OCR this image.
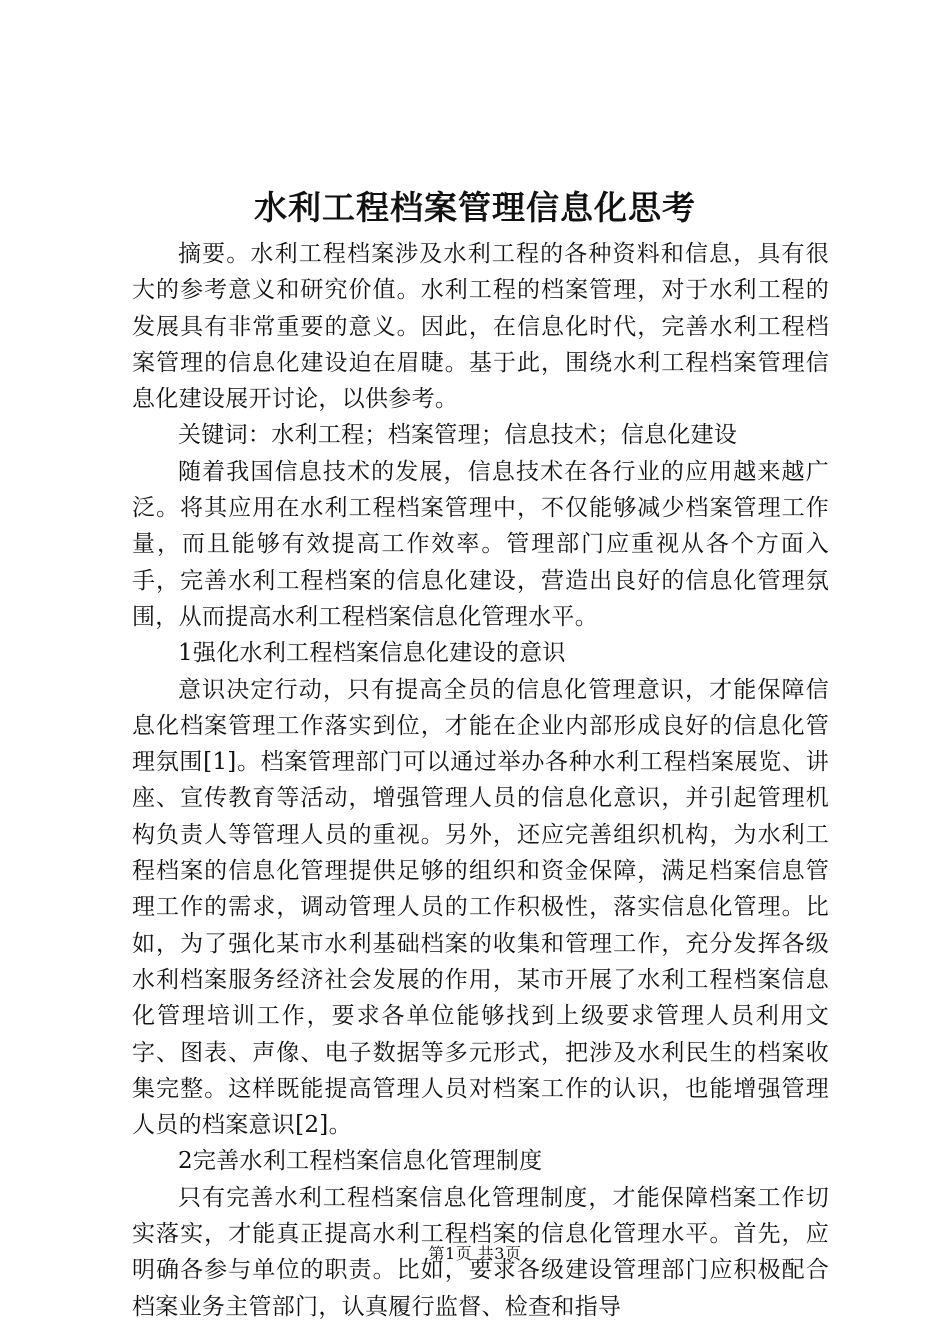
水利工程档案管理信息化思考

摘要。水利工程档案涉及水利工程的各种资料和信息，具有很大的参考意义和研究价值。水利工程的档案管理，对于水利工程的发展具有非常重要的意义。因此，在信息化时代，完善水利工程档案管理的信息化建设迫在眉睫。基于此，围绕水利工程档案管理信息化建设展开讨论，以供参考。

关键词：水利工程；档案管理；信息技术；信息化建设

随着我国信息技术的发展，信息技术在各行业的应用越来越广泛。将其应用在水利工程档案管理中，不仅能够减少档案管理工作量，而且能够有效提高工作效率。管理部门应重视从各个方面入手，完善水利工程档案的信息化建设，营造出良好的信息化管理氛围，从而提高水利工程档案信息化管理水平。

1强化水利工程档案信息化建设的意识

意识决定行动，只有提高全员的信息化管理意识，才能保障信息化档案管理工作落实到位，才能在企业内部形成良好的信息化管理氛围[1]。档案管理部门可以通过举办各种水利工程档案展览、讲座、宣传教育等活动，增强管理人员的信息化意识，并引起管理机构负责人等管理人员的重视。另外，还应完善组织机构，为水利工程档案的信息化管理提供足够的组织和资金保障，满足档案信息管理工作的需求，调动管理人员的工作积极性，落实信息化管理。比如，为了强化某市水利基础档案的收集和管理工作，充分发挥各级水利档案服务经济社会发展的作用，某市开展了水利工程档案信息化管理培训工作，要求各单位能够找到上级要求管理人员利用文字、图表、声像、电子数据等多元形式，把涉及水利民生的档案收集完整。这样既能提高管理人员对档案工作的认识，也能增强管理人员的档案意识[2]。

2完善水利工程档案信息化管理制度

只有完善水利工程档案信息化管理制度，才能保障档案工作切实落实，才能真正提高水利工程档案的信息化管理水平。首先，应明确各参与单位的职责。比如，要求各级建设管理部门应积极配合档案业务主管部门，认真履行监督、检查和指导

第1页 共3页
